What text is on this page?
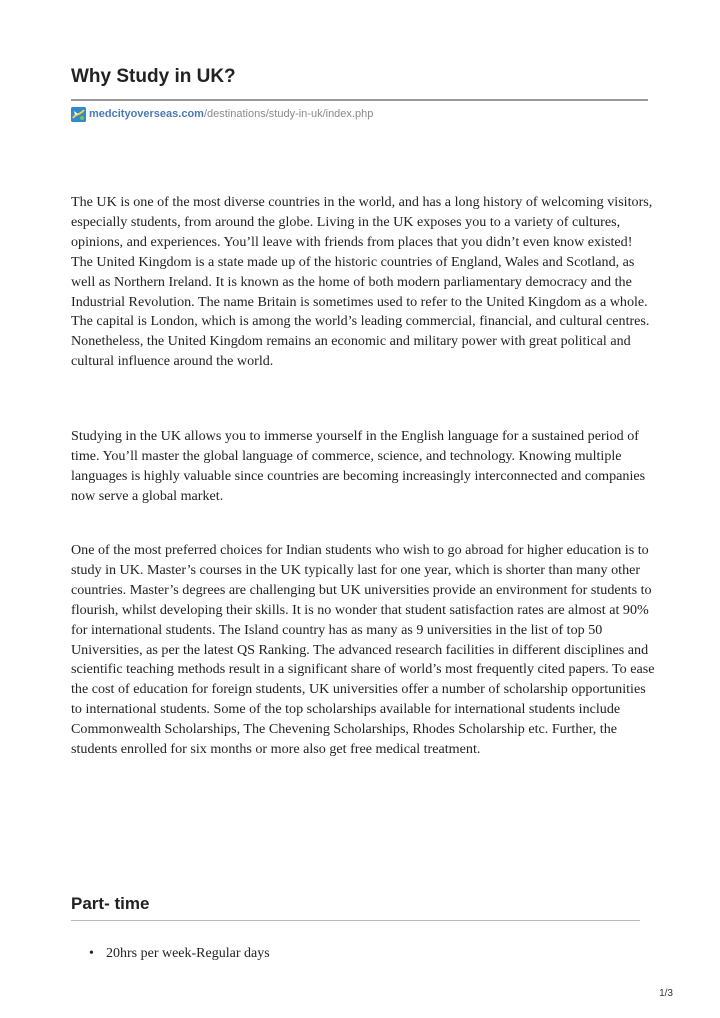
Why Study in UK?
medcityoverseas.com/destinations/study-in-uk/index.php

The UK is one of the most diverse countries in the world, and has a long history of welcoming visitors, especially students, from around the globe. Living in the UK exposes you to a variety of cultures, opinions, and experiences. You’ll leave with friends from places that you didn’t even know existed! The United Kingdom is a state made up of the historic countries of England, Wales and Scotland, as well as Northern Ireland. It is known as the home of both modern parliamentary democracy and the Industrial Revolution. The name Britain is sometimes used to refer to the United Kingdom as a whole. The capital is London, which is among the world’s leading commercial, financial, and cultural centres. Nonetheless, the United Kingdom remains an economic and military power with great political and cultural influence around the world.

Studying in the UK allows you to immerse yourself in the English language for a sustained period of time. You’ll master the global language of commerce, science, and technology. Knowing multiple languages is highly valuable since countries are becoming increasingly interconnected and companies now serve a global market.

One of the most preferred choices for Indian students who wish to go abroad for higher education is to study in UK. Master’s courses in the UK typically last for one year, which is shorter than many other countries. Master’s degrees are challenging but UK universities provide an environment for students to flourish, whilst developing their skills. It is no wonder that student satisfaction rates are almost at 90% for international students. The Island country has as many as 9 universities in the list of top 50 Universities, as per the latest QS Ranking. The advanced research facilities in different disciplines and scientific teaching methods result in a significant share of world’s most frequently cited papers. To ease the cost of education for foreign students, UK universities offer a number of scholarship opportunities to international students. Some of the top scholarships available for international students include Commonwealth Scholarships, The Chevening Scholarships, Rhodes Scholarship etc. Further, the students enrolled for six months or more also get free medical treatment.

Part- time
• 20hrs per week-Regular days
1/3
